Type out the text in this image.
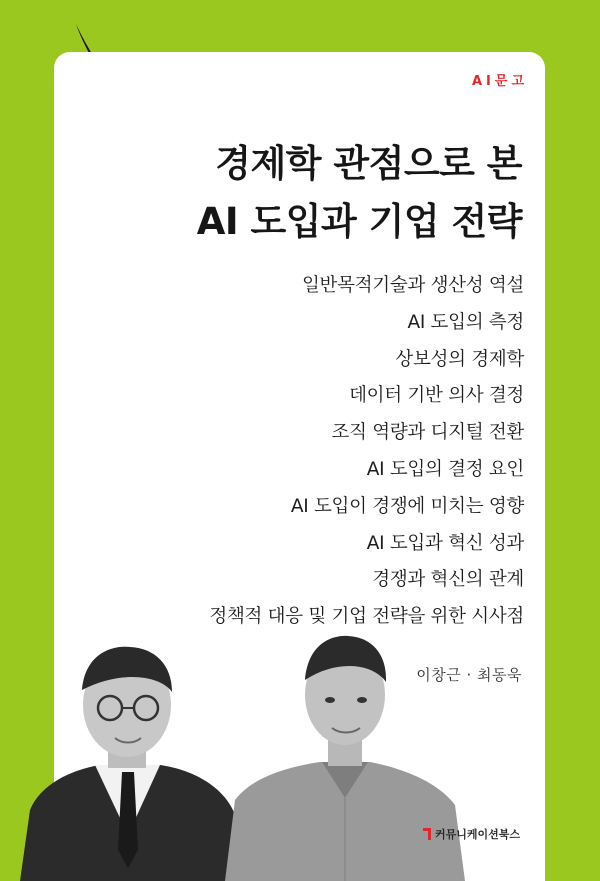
AI문고
경제학 관점으로 본
AI 도입과 기업 전략
일반목적기술과 생산성 역설
AI 도입의 측정
상보성의 경제학
데이터 기반 의사 결정
조직 역량과 디지털 전환
AI 도입의 결정 요인
AI 도입이 경쟁에 미치는 영향
AI 도입과 혁신 성과
경쟁과 혁신의 관계
정책적 대응 및 기업 전략을 위한 시사점
이창근 · 최동욱
커뮤니케이션북스
